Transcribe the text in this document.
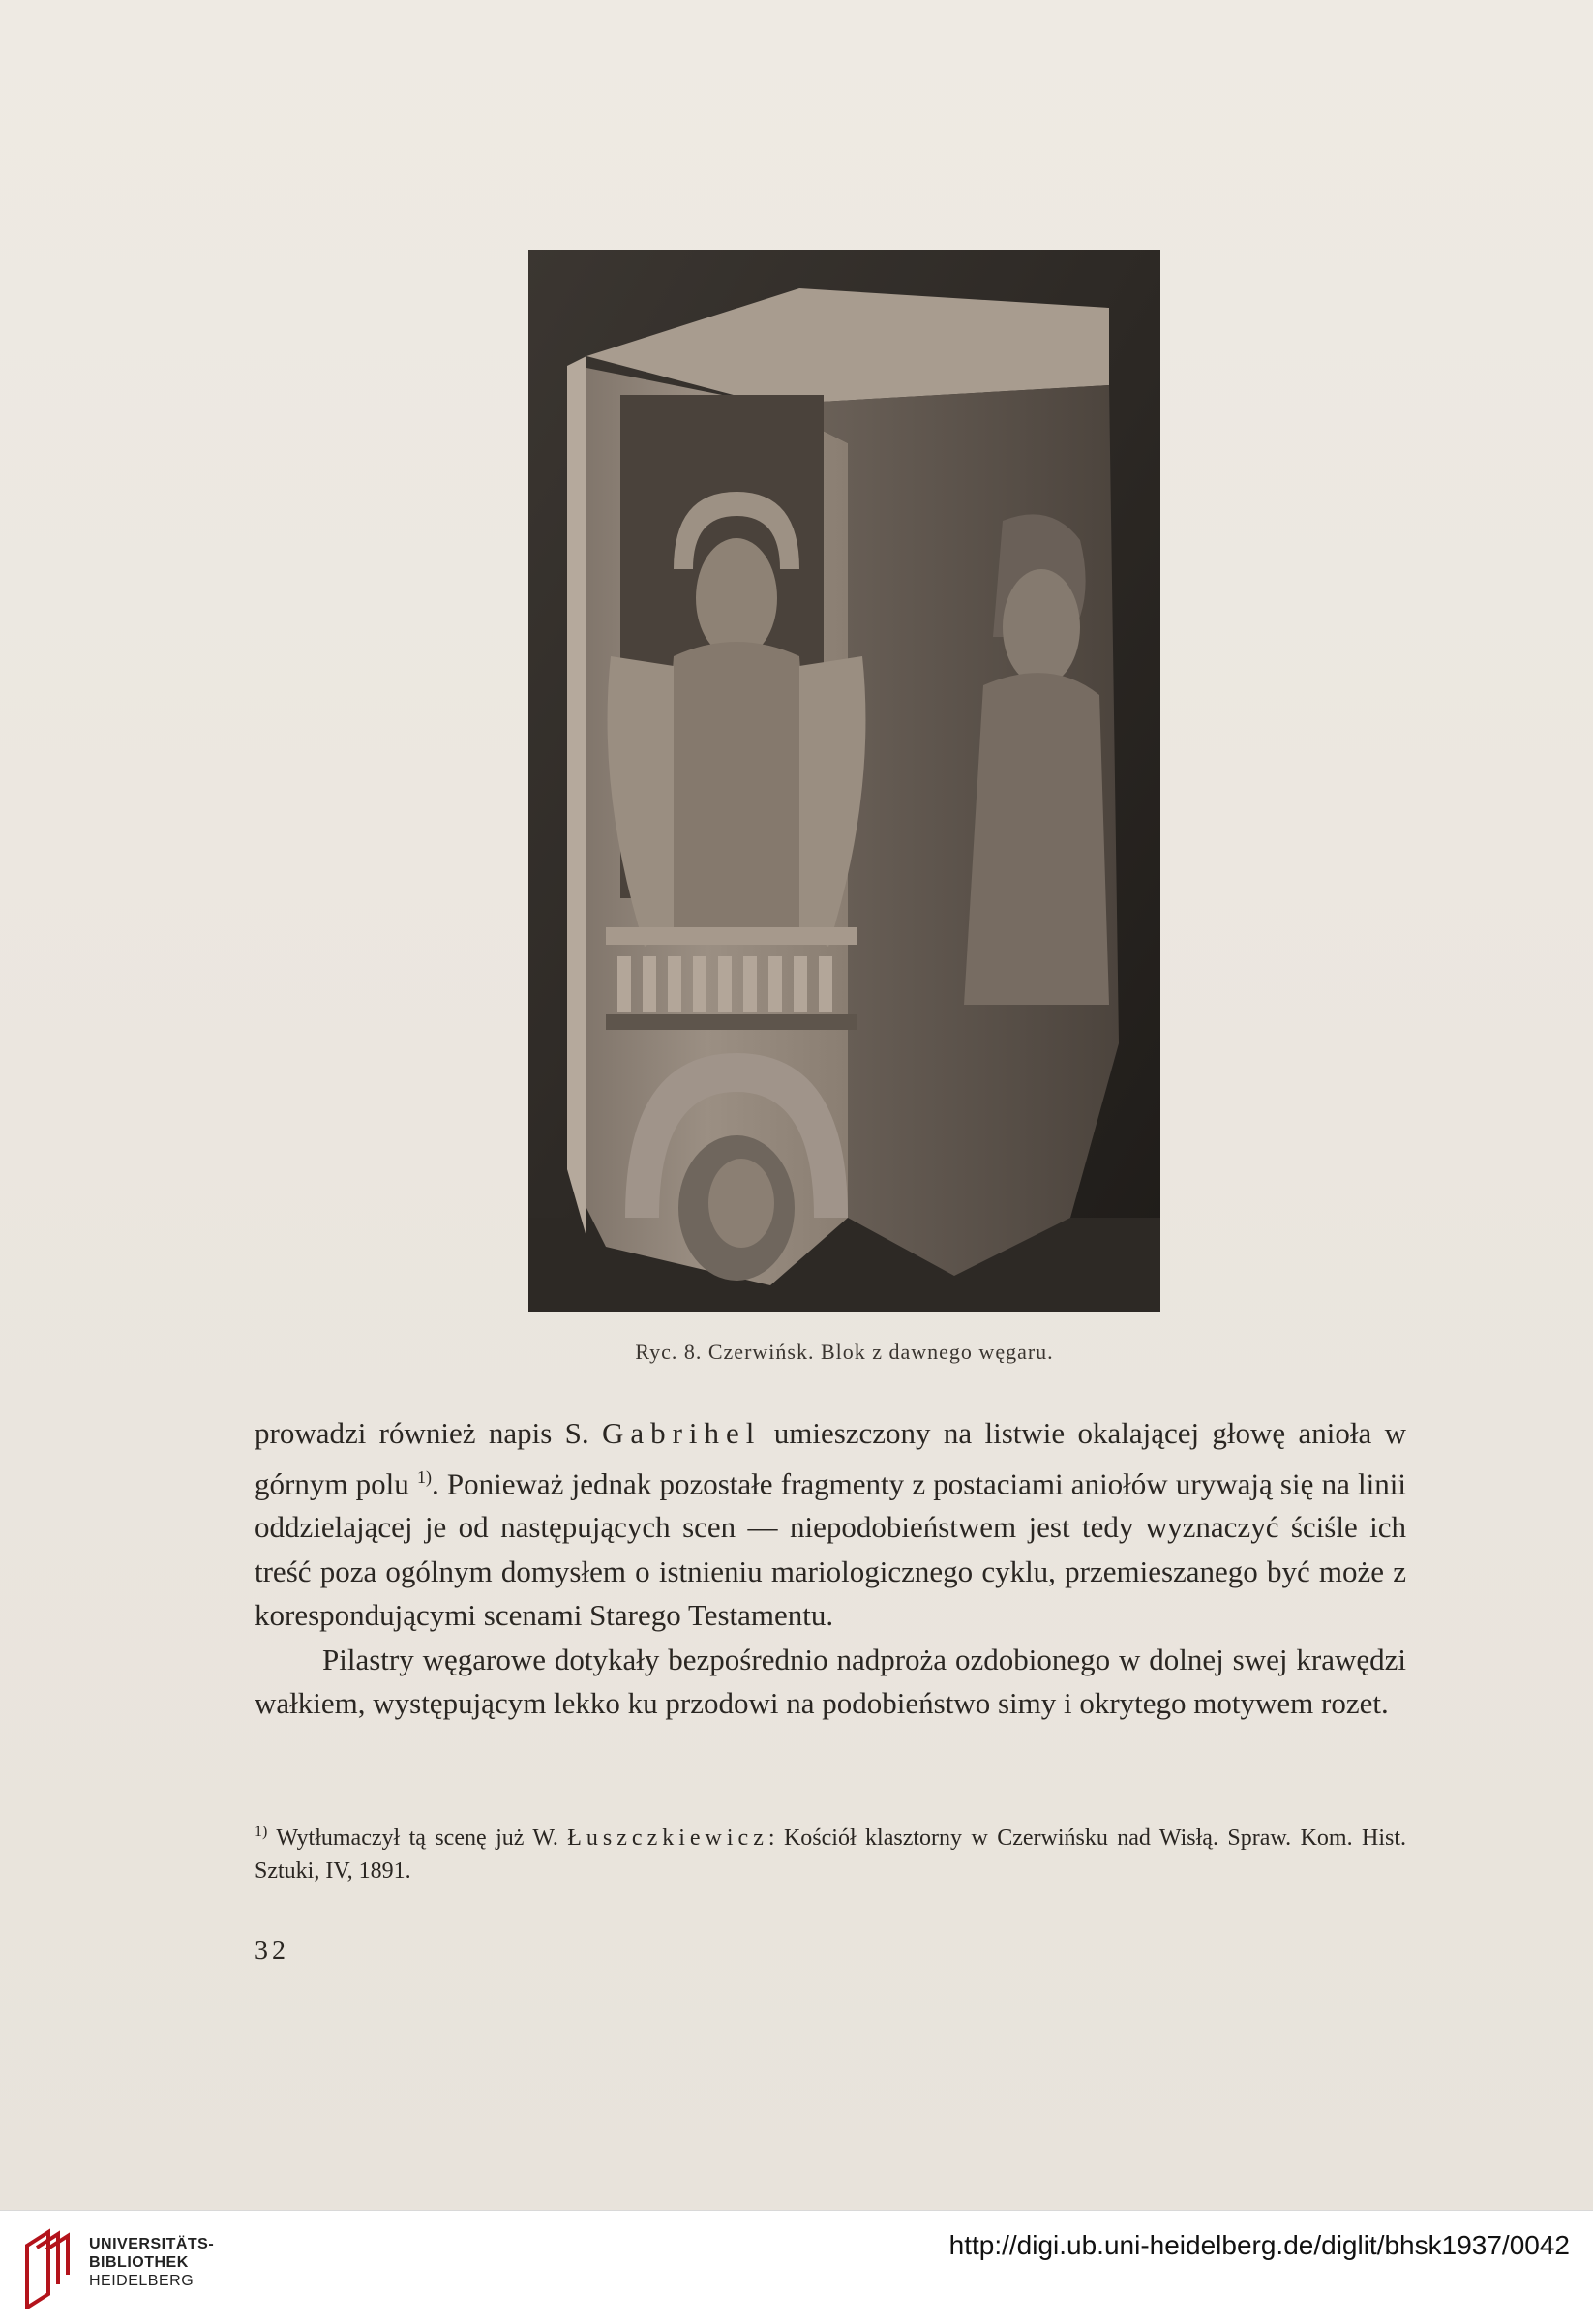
Ryc. 8. Czerwińsk. Blok z dawnego węgaru.

prowadzi również napis S. Gabrihel umieszczony na listwie okalającej głowę anioła w górnym polu $^{1)}$. Ponieważ jednak pozostałe fragmenty z postaciami aniołów urywają się na linii oddzielającej je od następujących scen — niepodobieństwem jest tedy wyznaczyć ściśle ich treść poza ogólnym domysłem o istnieniu mariologicznego cyklu, przemieszanego być może z korespondującymi scenami Starego Testamentu.

Pilastry węgarowe dotykały bezpośrednio nadproża ozdobionego w dolnej swej krawędzi wałkiem, występującym lekko ku przodowi na podobieństwo simy i okrytego motywem rozet.

$^{1)}$ Wytłumaczył tą scenę już W. Łuszczkiewicz: Kościół klasztorny w Czerwińsku nad Wisłą. Spraw. Kom. Hist. Sztuki, IV, 1891.
32
UNIVERSITÄTS-
BIBLIOTHEK
HEIDELBERG
http://digi.ub.uni-heidelberg.de/diglit/bhsk1937/0042
